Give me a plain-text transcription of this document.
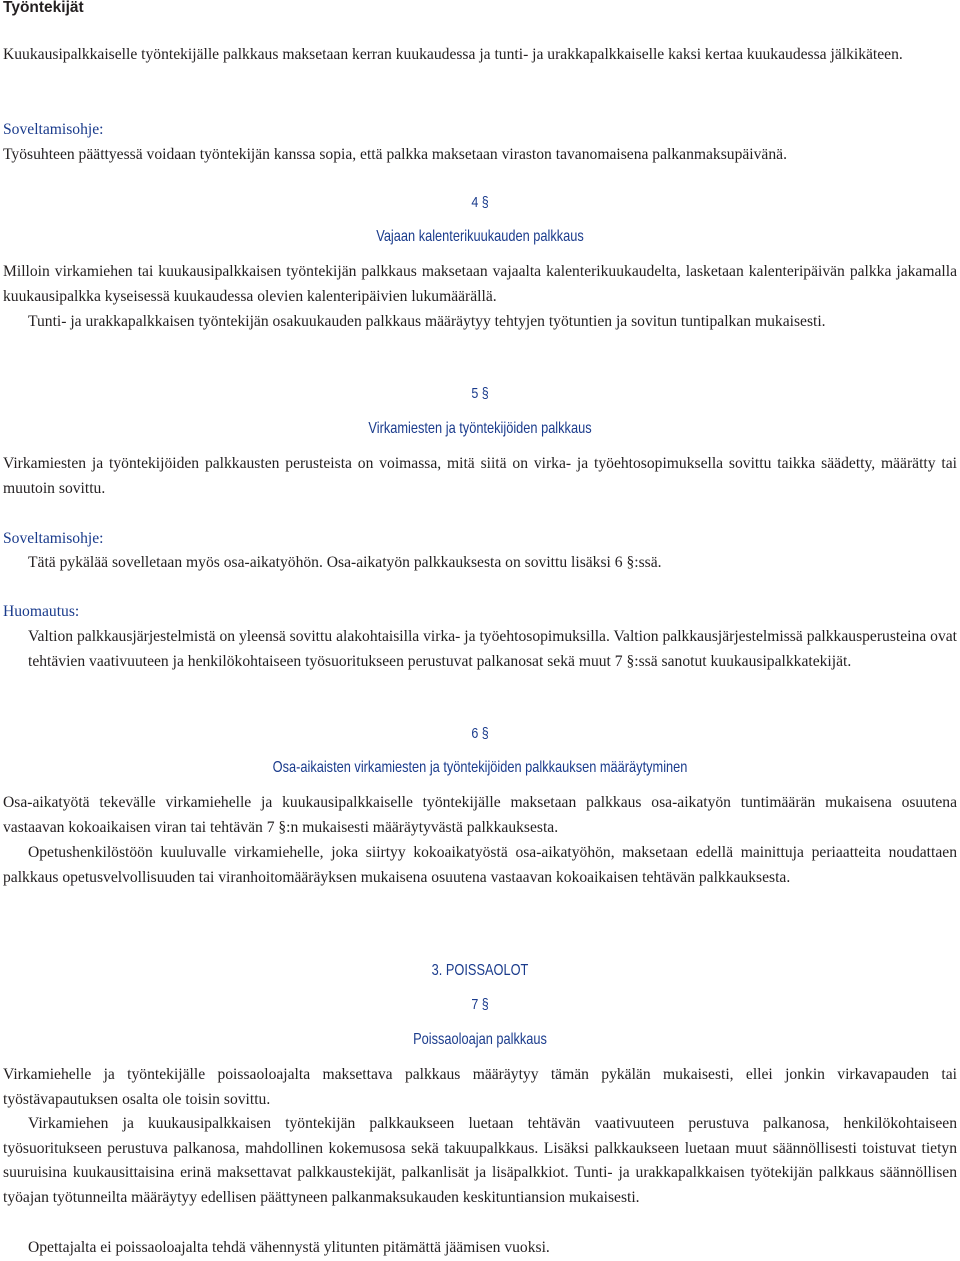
Työntekijät

Kuukausipalkkaiselle työntekijälle palkkaus maksetaan kerran kuukaudessa ja tunti- ja urakkapalkkaiselle kaksi kertaa kuukaudessa jälkikäteen.

Soveltamisohje:

Työsuhteen päättyessä voidaan työntekijän kanssa sopia, että palkka maksetaan viraston tavanomaisena palkanmaksupäivänä.

4 §
Vajaan kalenterikuukauden palkkaus

Milloin virkamiehen tai kuukausipalkkaisen työntekijän palkkaus maksetaan vajaalta kalenterikuukaudelta, lasketaan kalenteripäivän palkka jakamalla kuukausipalkka kyseisessä kuukaudessa olevien kalenteripäivien lukumäärällä.

Tunti- ja urakkapalkkaisen työntekijän osakuukauden palkkaus määräytyy tehtyjen työtuntien ja sovitun tuntipalkan mukaisesti.

5 §
Virkamiesten ja työntekijöiden palkkaus

Virkamiesten ja työntekijöiden palkkausten perusteista on voimassa, mitä siitä on virka- ja työehtosopimuksella sovittu taikka säädetty, määrätty tai muutoin sovittu.

Soveltamisohje:

Tätä pykälää sovelletaan myös osa-aikatyöhön. Osa-aikatyön palkkauksesta on sovittu lisäksi 6 §:ssä.

Huomautus:

Valtion palkkausjärjestelmistä on yleensä sovittu alakohtaisilla virka- ja työehtosopimuksilla. Valtion palkkausjärjestelmissä palkkausperusteina ovat tehtävien vaativuuteen ja henkilökohtaiseen työsuoritukseen perustuvat palkanosat sekä muut 7 §:ssä sanotut kuukausipalkkatekijät.

6 §
Osa-aikaisten virkamiesten ja työntekijöiden palkkauksen määräytyminen

Osa-aikatyötä tekevälle virkamiehelle ja kuukausipalkkaiselle työntekijälle maksetaan palkkaus osa-aikatyön tuntimäärän mukaisena osuutena vastaavan kokoaikaisen viran tai tehtävän 7 §:n mukaisesti määräytyvästä palkkauksesta.

Opetushenkilöstöön kuuluvalle virkamiehelle, joka siirtyy kokoaikatyöstä osa-aikatyöhön, maksetaan edellä mainittuja periaatteita noudattaen palkkaus opetusvelvollisuuden tai viranhoitomääräyksen mukaisena osuutena vastaavan kokoaikaisen tehtävän palkkauksesta.

3. POISSAOLOT
7 §
Poissaoloajan palkkaus

Virkamiehelle ja työntekijälle poissaoloajalta maksettava palkkaus määräytyy tämän pykälän mukaisesti, ellei jonkin virkavapauden tai työstävapautuksen osalta ole toisin sovittu.

Virkamiehen ja kuukausipalkkaisen työntekijän palkkaukseen luetaan tehtävän vaativuuteen perustuva palkanosa, henkilökohtaiseen työsuoritukseen perustuva palkanosa, mahdollinen kokemusosa sekä takuupalkkaus. Lisäksi palkkaukseen luetaan muut säännöllisesti toistuvat tietyn suuruisina kuukausittaisina erinä maksettavat palkkaustekijät, palkanlisät ja lisäpalkkiot. Tunti- ja urakkapalkkaisen työtekijän palkkaus säännöllisen työajan työtunneilta määräytyy edellisen päättyneen palkanmaksukauden keskituntiansion mukaisesti.

Opettajalta ei poissaoloajalta tehdä vähennystä ylitunten pitämättä jäämisen vuoksi.
